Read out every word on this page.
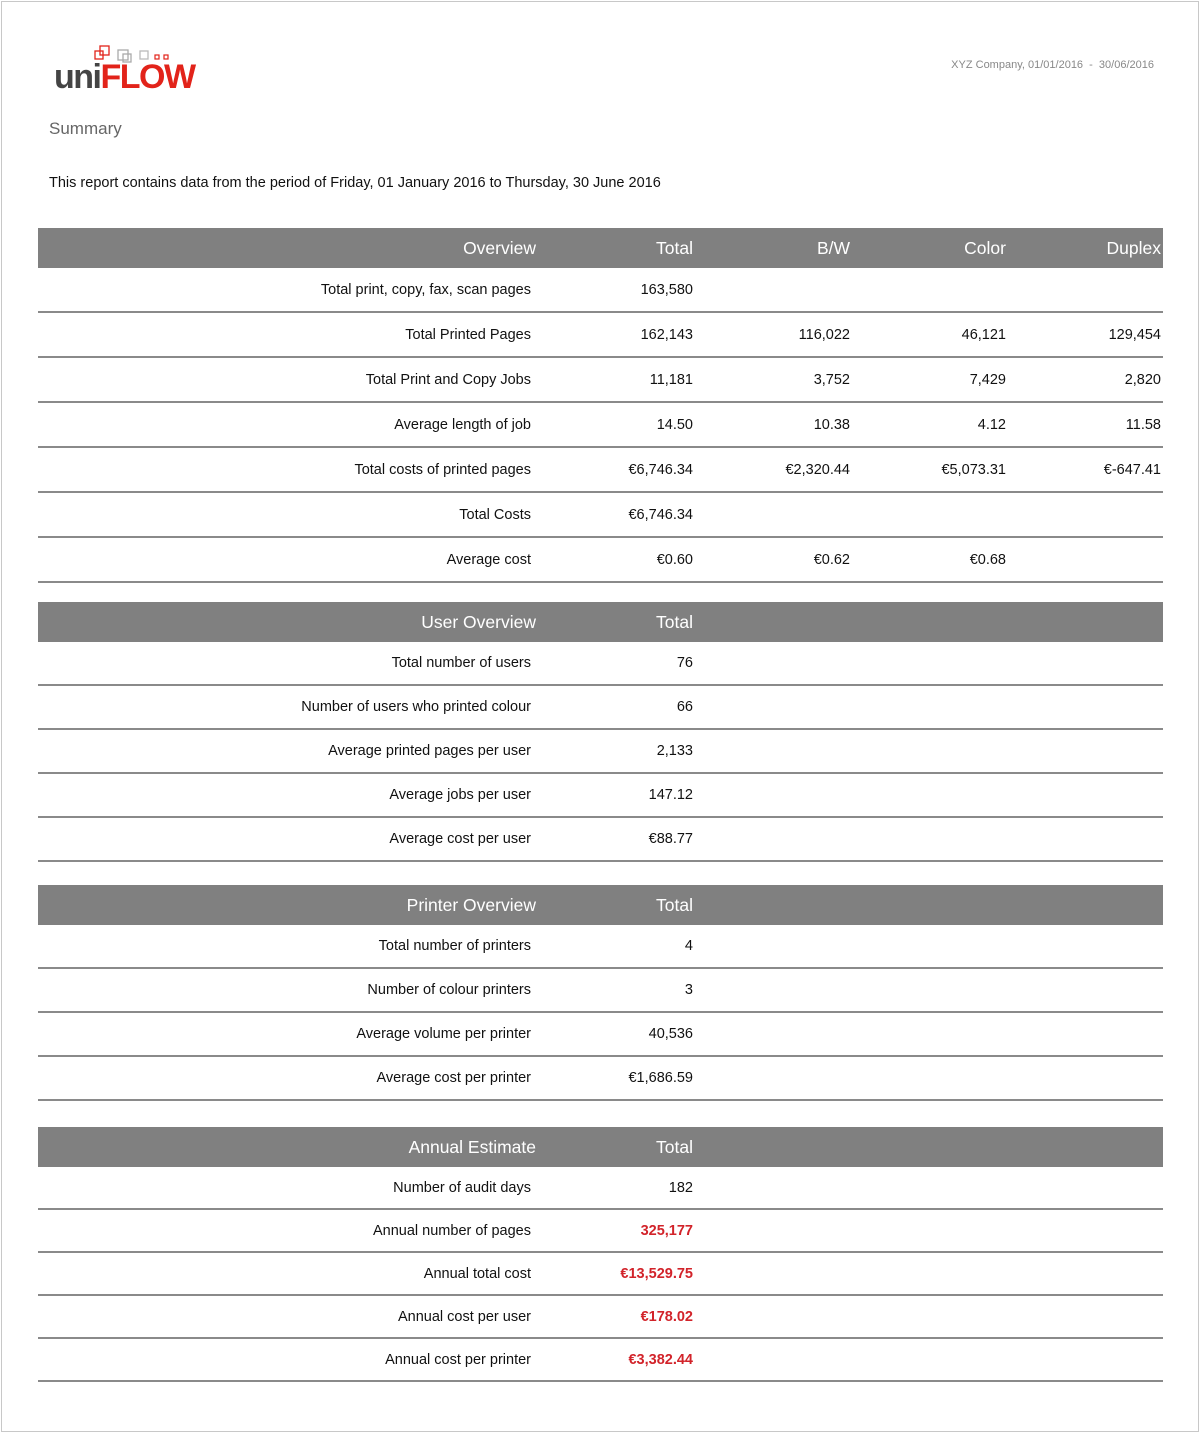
uniFLOW	XYZ Company, 01/01/2016  -  30/06/2016
Summary
This report contains data from the period of Friday, 01 January 2016 to Thursday, 30 June 2016
Overview	Total	B/W	Color	Duplex
Total print, copy, fax, scan pages	163,580			
Total Printed Pages	162,143	116,022	46,121	129,454
Total Print and Copy Jobs	11,181	3,752	7,429	2,820
Average length of job	14.50	10.38	4.12	11.58
Total costs of printed pages	€6,746.34	€2,320.44	€5,073.31	€-647.41
Total Costs	€6,746.34			
Average cost	€0.60	€0.62	€0.68	
User Overview	Total			
Total number of users	76			
Number of users who printed colour	66			
Average printed pages per user	2,133			
Average jobs per user	147.12			
Average cost per user	€88.77			
Printer Overview	Total			
Total number of printers	4			
Number of colour printers	3			
Average volume per printer	40,536			
Average cost per printer	€1,686.59			
Annual Estimate	Total			
Number of audit days	182			
Annual number of pages	325,177			
Annual total cost	€13,529.75			
Annual cost per user	€178.02			
Annual cost per printer	€3,382.44			
